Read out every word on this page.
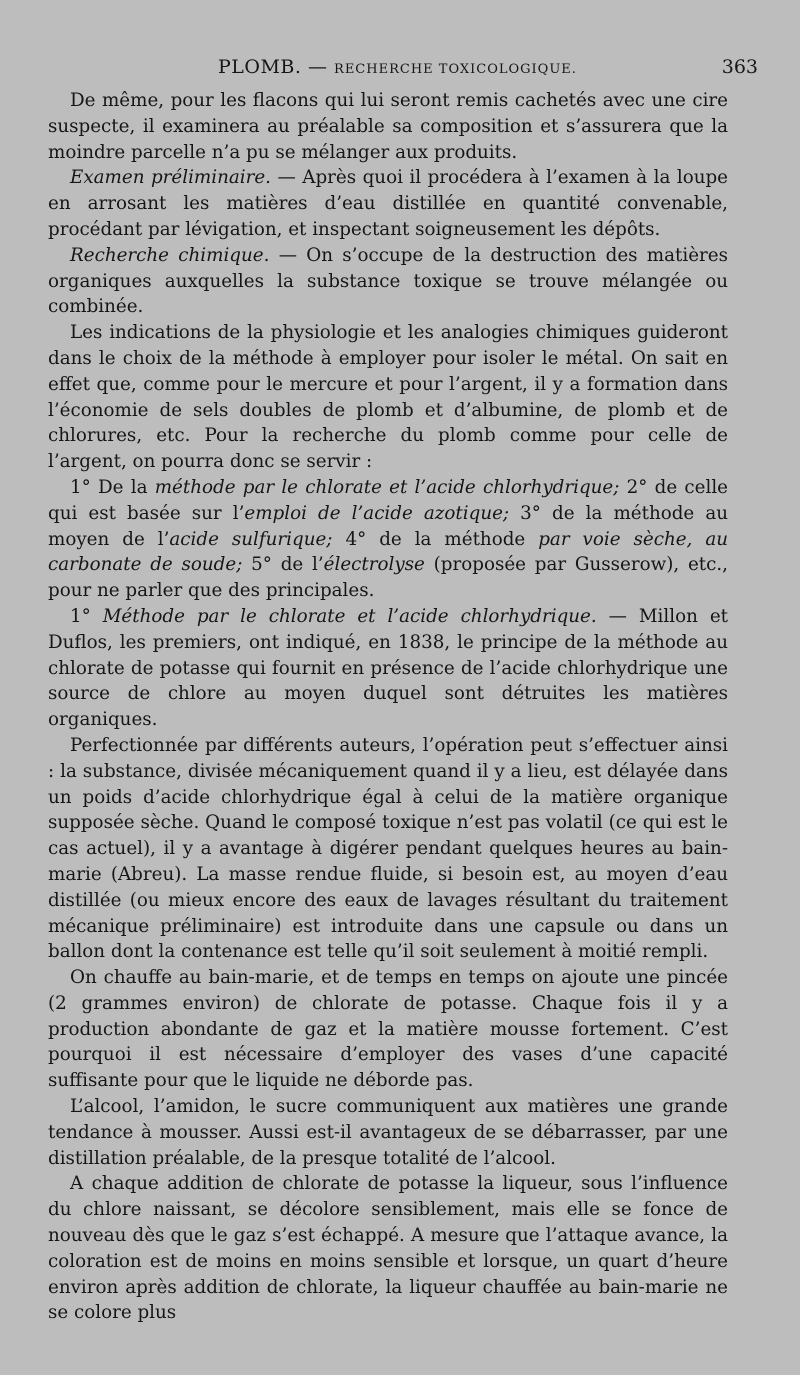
PLOMB. — RECHERCHE TOXICOLOGIQUE.	363

De même, pour les flacons qui lui seront remis cachetés avec une cire suspecte, il examinera au préalable sa composition et s’assurera que la moindre parcelle n’a pu se mélanger aux produits.

Examen préliminaire. — Après quoi il procédera à l’examen à la loupe en arrosant les matières d’eau distillée en quantité convenable, procédant par lévigation, et inspectant soigneusement les dépôts.

Recherche chimique. — On s’occupe de la destruction des matières organiques auxquelles la substance toxique se trouve mélangée ou combinée.

Les indications de la physiologie et les analogies chimiques guideront dans le choix de la méthode à employer pour isoler le métal. On sait en effet que, comme pour le mercure et pour l’argent, il y a formation dans l’économie de sels doubles de plomb et d’albumine, de plomb et de chlorures, etc. Pour la recherche du plomb comme pour celle de l’argent, on pourra donc se servir :

1° De la méthode par le chlorate et l’acide chlorhydrique; 2° de celle qui est basée sur l’emploi de l’acide azotique; 3° de la méthode au moyen de l’acide sulfurique; 4° de la méthode par voie sèche, au carbonate de soude; 5° de l’électrolyse (proposée par Gusserow), etc., pour ne parler que des principales.

1° Méthode par le chlorate et l’acide chlorhydrique. — Millon et Duflos, les premiers, ont indiqué, en 1838, le principe de la méthode au chlorate de potasse qui fournit en présence de l’acide chlorhydrique une source de chlore au moyen duquel sont détruites les matières organiques.

Perfectionnée par différents auteurs, l’opération peut s’effectuer ainsi : la substance, divisée mécaniquement quand il y a lieu, est délayée dans un poids d’acide chlorhydrique égal à celui de la matière organique supposée sèche. Quand le composé toxique n’est pas volatil (ce qui est le cas actuel), il y a avantage à digérer pendant quelques heures au bain-marie (Abreu). La masse rendue fluide, si besoin est, au moyen d’eau distillée (ou mieux encore des eaux de lavages résultant du traitement mécanique préliminaire) est introduite dans une capsule ou dans un ballon dont la contenance est telle qu’il soit seulement à moitié rempli.

On chauffe au bain-marie, et de temps en temps on ajoute une pincée (2 grammes environ) de chlorate de potasse. Chaque fois il y a production abondante de gaz et la matière mousse fortement. C’est pourquoi il est nécessaire d’employer des vases d’une capacité suffisante pour que le liquide ne déborde pas.

L’alcool, l’amidon, le sucre communiquent aux matières une grande tendance à mousser. Aussi est-il avantageux de se débarrasser, par une distillation préalable, de la presque totalité de l’alcool.

A chaque addition de chlorate de potasse la liqueur, sous l’influence du chlore naissant, se décolore sensiblement, mais elle se fonce de nouveau dès que le gaz s’est échappé. A mesure que l’attaque avance, la coloration est de moins en moins sensible et lorsque, un quart d’heure environ après addition de chlorate, la liqueur chauffée au bain-marie ne se colore plus
